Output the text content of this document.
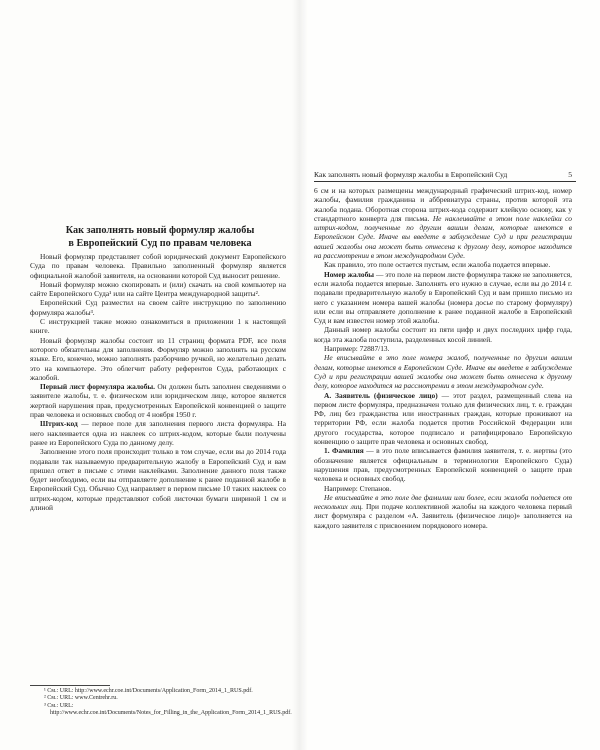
Как заполнять новый формуляр жалобы
в Европейский Суд по правам человека

Новый формуляр представляет собой юридический документ Европейского Суда по правам человека. Правильно заполненный формуляр является официальной жалобой заявителя, на основании которой Суд выносит решение.

Новый формуляр можно скопировать и (или) скачать на свой компьютер на сайте Европейского Суда¹ или на сайте Центра международной защиты².

Европейский Суд разместил на своем сайте инструкцию по заполнению формуляра жалобы³.

С инструкцией также можно ознакомиться в приложении 1 к настоящей книге.

Новый формуляр жалобы состоит из 11 страниц формата PDF, все поля которого обязательны для заполнения. Формуляр можно заполнять на русском языке. Его, конечно, можно заполнять разборчиво ручкой, но желательно делать это на компьютере. Это облегчит работу референтов Суда, работающих с жалобой.

Первый лист формуляра жалобы. Он должен быть заполнен сведениями о заявителе жалобы, т. е. физическом или юридическом лице, которое является жертвой нарушения прав, предусмотренных Европейской конвенцией о защите прав человека и основных свобод от 4 ноября 1950 г.

Штрих-код — первое поле для заполнения первого листа формуляра. На него наклеивается одна из наклеек со штрих-кодом, которые были получены ранее из Европейского Суда по данному делу.

Заполнение этого поля происходит только в том случае, если вы до 2014 года подавали так называемую предварительную жалобу в Европейский Суд и вам пришел ответ в письме с этими наклейками. Заполнение данного поля также будет необходимо, если вы отправляете дополнение к ранее поданной жалобе в Европейский Суд. Обычно Суд направляет в первом письме 10 таких наклеек со штрих-кодом, которые представляют собой листочки бумаги шириной 1 см и длиной

¹ См.: URL: http://www.echr.coe.int/Documents/Application_Form_2014_1_RUS.pdf.
² См.: URL: www.Centrehr.ru.
³ См.: URL: http://www.echr.coe.int/Documents/Notes_for_Filling_in_the_Application_Form_2014_1_RUS.pdf.
Как заполнять новый формуляр жалобы в Европейский Суд	5

6 см и на которых размещены международный графический штрих-код, номер жалобы, фамилия гражданина и аббревиатура страны, против которой эта жалоба подана. Оборотная сторона штрих-кода содержит клейкую основу, как у стандартного конверта для письма. Не наклеивайте в этом поле наклейки со штрих-кодом, полученные по другим вашим делам, которые имеются в Европейском Суде. Иначе вы введете в заблуждение Суд и при регистрации вашей жалобы она может быть отнесена к другому делу, которое находится на рассмотрении в этом международном Суде.

Как правило, это поле остается пустым, если жалоба подается впервые.

Номер жалобы — это поле на первом листе формуляра также не заполняется, если жалоба подается впервые. Заполнять его нужно в случае, если вы до 2014 г. подавали предварительную жалобу в Европейский Суд и вам пришло письмо из него с указанием номера вашей жалобы (номера досье по старому формуляру) или если вы отправляете дополнение к ранее поданной жалобе в Европейский Суд и вам известен номер этой жалобы.

Данный номер жалобы состоит из пяти цифр и двух последних цифр года, когда эта жалоба поступила, разделенных косой линией.

Например: 72887/13.

Не вписывайте в это поле номера жалоб, полученные по другим вашим делам, которые имеются в Европейском Суде. Иначе вы введете в заблуждение Суд и при регистрации вашей жалобы она может быть отнесена к другому делу, которое находится на рассмотрении в этом международном суде.

А. Заявитель (физическое лицо) — этот раздел, размещенный слева на первом листе формуляра, предназначен только для физических лиц, т. е. граждан РФ, лиц без гражданства или иностранных граждан, которые проживают на территории РФ, если жалоба подается против Российской Федерации или другого государства, которое подписало и ратифицировало Европейскую конвенцию о защите прав человека и основных свобод.

1. Фамилия — в это поле вписывается фамилия заявителя, т. е. жертвы (это обозначение является официальным в терминологии Европейского Суда) нарушения прав, предусмотренных Европейской конвенцией о защите прав человека и основных свобод.

Например: Степанов.

Не вписывайте в это поле две фамилии или более, если жалоба подается от нескольких лиц. При подаче коллективной жалобы на каждого человека первый лист формуляра с разделом «А. Заявитель (физическое лицо)» заполняется на каждого заявителя с присвоением порядкового номера.
